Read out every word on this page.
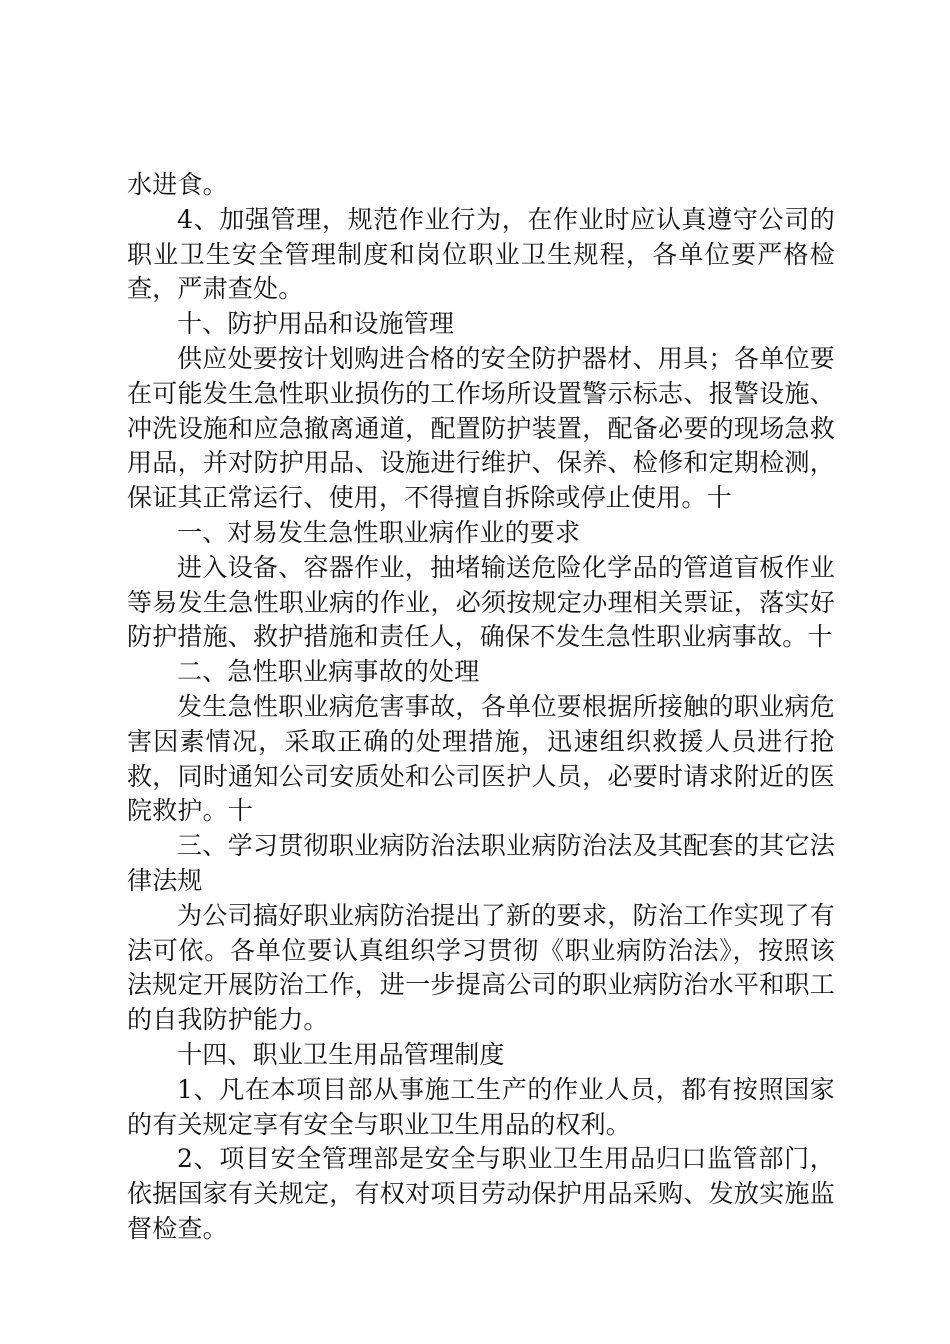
水进食。

4、加强管理，规范作业行为，在作业时应认真遵守公司的职业卫生安全管理制度和岗位职业卫生规程，各单位要严格检查，严肃查处。

十、防护用品和设施管理

供应处要按计划购进合格的安全防护器材、用具；各单位要在可能发生急性职业损伤的工作场所设置警示标志、报警设施、冲洗设施和应急撤离通道，配置防护装置，配备必要的现场急救用品，并对防护用品、设施进行维护、保养、检修和定期检测，保证其正常运行、使用，不得擅自拆除或停止使用。十

一、对易发生急性职业病作业的要求

进入设备、容器作业，抽堵输送危险化学品的管道盲板作业等易发生急性职业病的作业，必须按规定办理相关票证，落实好防护措施、救护措施和责任人，确保不发生急性职业病事故。十

二、急性职业病事故的处理

发生急性职业病危害事故，各单位要根据所接触的职业病危害因素情况，采取正确的处理措施，迅速组织救援人员进行抢救，同时通知公司安质处和公司医护人员，必要时请求附近的医院救护。十

三、学习贯彻职业病防治法职业病防治法及其配套的其它法律法规

为公司搞好职业病防治提出了新的要求，防治工作实现了有法可依。各单位要认真组织学习贯彻《职业病防治法》，按照该法规定开展防治工作，进一步提高公司的职业病防治水平和职工的自我防护能力。

十四、职业卫生用品管理制度

1、凡在本项目部从事施工生产的作业人员，都有按照国家的有关规定享有安全与职业卫生用品的权利。

2、项目安全管理部是安全与职业卫生用品归口监管部门，依据国家有关规定，有权对项目劳动保护用品采购、发放实施监督检查。
